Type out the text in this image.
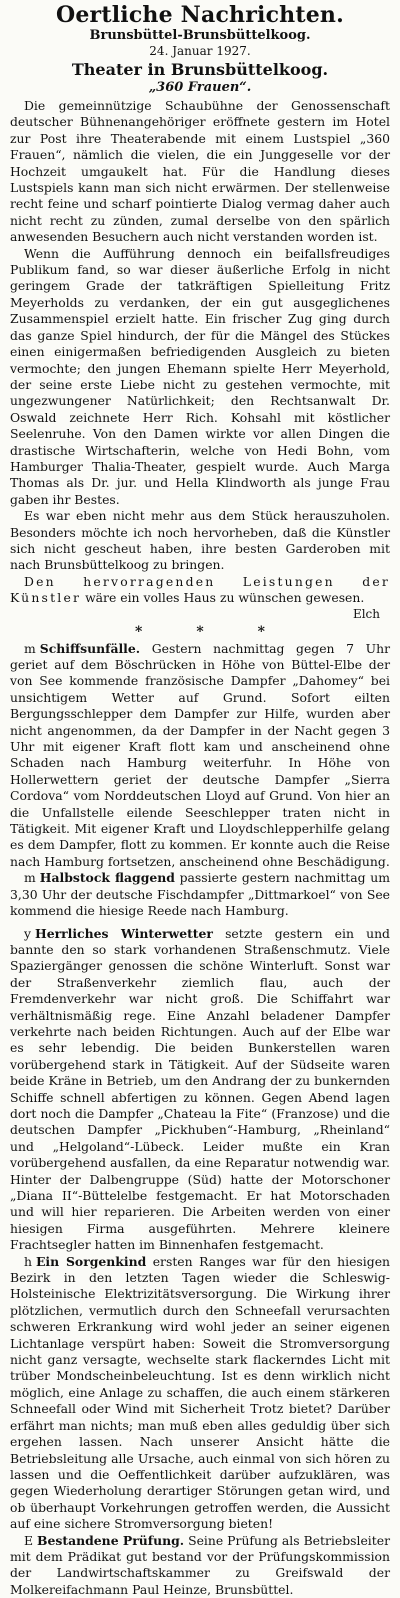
Oertliche Nachrichten.
Brunsbüttel-Brunsbüttelkoog.
24. Januar 1927.
Theater in Brunsbüttelkoog.
„360 Frauen“.

Die gemeinnützige Schaubühne der Genossenschaft deutscher Bühnenangehöriger eröffnete gestern im Hotel zur Post ihre Theaterabende mit einem Lustspiel „360 Frauen“, nämlich die vielen, die ein Junggeselle vor der Hochzeit umgaukelt hat. Für die Handlung dieses Lustspiels kann man sich nicht erwärmen. Der stellenweise recht feine und scharf pointierte Dialog vermag daher auch nicht recht zu zünden, zumal derselbe von den spärlich anwesenden Besuchern auch nicht verstanden worden ist.

Wenn die Aufführung dennoch ein beifallsfreudiges Publikum fand, so war dieser äußerliche Erfolg in nicht geringem Grade der tatkräftigen Spielleitung Fritz Meyerholds zu verdanken, der ein gut ausgeglichenes Zusammenspiel erzielt hatte. Ein frischer Zug ging durch das ganze Spiel hindurch, der für die Mängel des Stückes einen einigermaßen befriedigenden Ausgleich zu bieten vermochte; den jungen Ehemann spielte Herr Meyerhold, der seine erste Liebe nicht zu gestehen vermochte, mit ungezwungener Natürlichkeit; den Rechtsanwalt Dr. Oswald zeichnete Herr Rich. Kohsahl mit köstlicher Seelenruhe. Von den Damen wirkte vor allen Dingen die drastische Wirtschafterin, welche von Hedi Bohn, vom Hamburger Thalia-Theater, gespielt wurde. Auch Marga Thomas als Dr. jur. und Hella Klindworth als junge Frau gaben ihr Bestes.

Es war eben nicht mehr aus dem Stück herauszuholen. Besonders möchte ich noch hervorheben, daß die Künstler sich nicht gescheut haben, ihre besten Garderoben mit nach Brunsbüttelkoog zu bringen.

Den hervorragenden Leistungen der Künstler wäre ein volles Haus zu wünschen gewesen.

Elch
*	*	*

m Schiffsunfälle. Gestern nachmittag gegen 7 Uhr geriet auf dem Böschrücken in Höhe von Büttel-Elbe der von See kommende französische Dampfer „Dahomey“ bei unsichtigem Wetter auf Grund. Sofort eilten Bergungsschlepper dem Dampfer zur Hilfe, wurden aber nicht angenommen, da der Dampfer in der Nacht gegen 3 Uhr mit eigener Kraft flott kam und anscheinend ohne Schaden nach Hamburg weiterfuhr. In Höhe von Hollerwettern geriet der deutsche Dampfer „Sierra Cordova“ vom Norddeutschen Lloyd auf Grund. Von hier an die Unfallstelle eilende Seeschlepper traten nicht in Tätigkeit. Mit eigener Kraft und Lloydschlepperhilfe gelang es dem Dampfer, flott zu kommen. Er konnte auch die Reise nach Hamburg fortsetzen, anscheinend ohne Beschädigung.

m Halbstock flaggend passierte gestern nachmittag um 3,30 Uhr der deutsche Fischdampfer „Dittmarkoel“ von See kommend die hiesige Reede nach Hamburg.

y Herrliches Winterwetter setzte gestern ein und bannte den so stark vorhandenen Straßenschmutz. Viele Spaziergänger genossen die schöne Winterluft. Sonst war der Straßenverkehr ziemlich flau, auch der Fremdenverkehr war nicht groß. Die Schiffahrt war verhältnismäßig rege. Eine Anzahl beladener Dampfer verkehrte nach beiden Richtungen. Auch auf der Elbe war es sehr lebendig. Die beiden Bunkerstellen waren vorübergehend stark in Tätigkeit. Auf der Südseite waren beide Kräne in Betrieb, um den Andrang der zu bunkernden Schiffe schnell abfertigen zu können. Gegen Abend lagen dort noch die Dampfer „Chateau la Fite“ (Franzose) und die deutschen Dampfer „Pickhuben“-Hamburg, „Rheinland“ und „Helgoland“-Lübeck. Leider mußte ein Kran vorübergehend ausfallen, da eine Reparatur notwendig war. Hinter der Dalbengruppe (Süd) hatte der Motorschoner „Diana II“-Büttelelbe festgemacht. Er hat Motorschaden und will hier reparieren. Die Arbeiten werden von einer hiesigen Firma ausgeführten. Mehrere kleinere Frachtsegler hatten im Binnenhafen festgemacht.

h Ein Sorgenkind ersten Ranges war für den hiesigen Bezirk in den letzten Tagen wieder die Schleswig-Holsteinische Elektrizitätsversorgung. Die Wirkung ihrer plötzlichen, vermutlich durch den Schneefall verursachten schweren Erkrankung wird wohl jeder an seiner eigenen Lichtanlage verspürt haben: Soweit die Stromversorgung nicht ganz versagte, wechselte stark flackerndes Licht mit trüber Mondscheinbeleuchtung. Ist es denn wirklich nicht möglich, eine Anlage zu schaffen, die auch einem stärkeren Schneefall oder Wind mit Sicherheit Trotz bietet? Darüber erfährt man nichts; man muß eben alles geduldig über sich ergehen lassen. Nach unserer Ansicht hätte die Betriebsleitung alle Ursache, auch einmal von sich hören zu lassen und die Oeffentlichkeit darüber aufzuklären, was gegen Wiederholung derartiger Störungen getan wird, und ob überhaupt Vorkehrungen getroffen werden, die Aussicht auf eine sichere Stromversorgung bieten!

E Bestandene Prüfung. Seine Prüfung als Betriebsleiter mit dem Prädikat gut bestand vor der Prüfungskommission der Landwirtschaftskammer zu Greifswald der Molkereifachmann Paul Heinze, Brunsbüttel.
